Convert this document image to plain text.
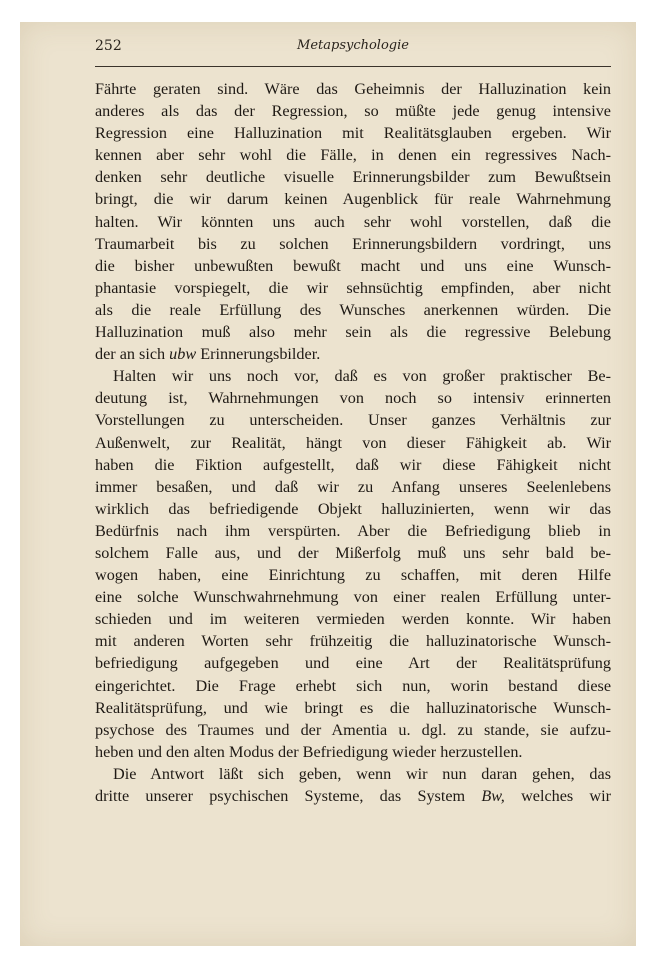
252	Metapsychologie
Fährte geraten sind. Wäre das Geheimnis der Halluzination kein
anderes als das der Regression, so müßte jede genug intensive
Regression eine Halluzination mit Realitätsglauben ergeben. Wir
kennen aber sehr wohl die Fälle, in denen ein regressives Nach-
denken sehr deutliche visuelle Erinnerungsbilder zum Bewußtsein
bringt, die wir darum keinen Augenblick für reale Wahrnehmung
halten. Wir könnten uns auch sehr wohl vorstellen, daß die
Traumarbeit bis zu solchen Erinnerungsbildern vordringt, uns
die bisher unbewußten bewußt macht und uns eine Wunsch-
phantasie vorspiegelt, die wir sehnsüchtig empfinden, aber nicht
als die reale Erfüllung des Wunsches anerkennen würden. Die
Halluzination muß also mehr sein als die regressive Belebung
der an sich ubw Erinnerungsbilder.
Halten wir uns noch vor, daß es von großer praktischer Be-
deutung ist, Wahrnehmungen von noch so intensiv erinnerten
Vorstellungen zu unterscheiden. Unser ganzes Verhältnis zur
Außenwelt, zur Realität, hängt von dieser Fähigkeit ab. Wir
haben die Fiktion aufgestellt, daß wir diese Fähigkeit nicht
immer besaßen, und daß wir zu Anfang unseres Seelenlebens
wirklich das befriedigende Objekt halluzinierten, wenn wir das
Bedürfnis nach ihm verspürten. Aber die Befriedigung blieb in
solchem Falle aus, und der Mißerfolg muß uns sehr bald be-
wogen haben, eine Einrichtung zu schaffen, mit deren Hilfe
eine solche Wunschwahrnehmung von einer realen Erfüllung unter-
schieden und im weiteren vermieden werden konnte. Wir haben
mit anderen Worten sehr frühzeitig die halluzinatorische Wunsch-
befriedigung aufgegeben und eine Art der Realitätsprüfung
eingerichtet. Die Frage erhebt sich nun, worin bestand diese
Realitätsprüfung, und wie bringt es die halluzinatorische Wunsch-
psychose des Traumes und der Amentia u. dgl. zu stande, sie aufzu-
heben und den alten Modus der Befriedigung wieder herzustellen.
Die Antwort läßt sich geben, wenn wir nun daran gehen, das
dritte unserer psychischen Systeme, das System Bw, welches wir
